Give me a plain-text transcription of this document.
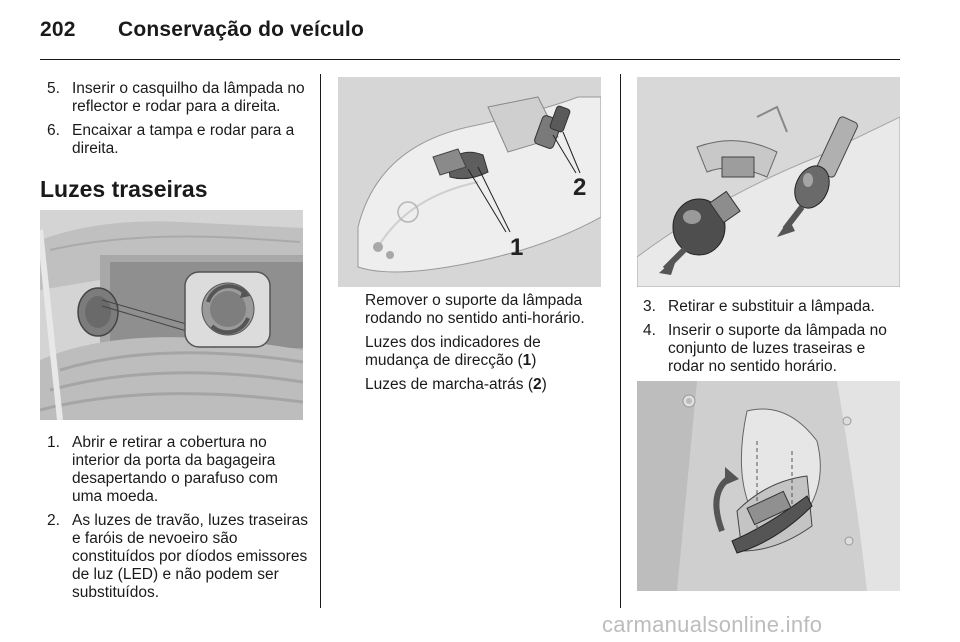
202 Conservação do veículo
5. Inserir o casquilho da lâmpada no reflector e rodar para a direita.
6. Encaixar a tampa e rodar para a direita.
Luzes traseiras
1. Abrir e retirar a cobertura no interior da porta da bagageira desapertando o parafuso com uma moeda.
2. As luzes de travão, luzes traseiras e faróis de nevoeiro são constituídos por díodos emissores de luz (LED) e não podem ser substituídos.
1
2

Remover o suporte da lâmpada rodando no sentido anti-horário.

Luzes dos indicadores de mudança de direcção (1)

Luzes de marcha-atrás (2)

3. Retirar e substituir a lâmpada.
4. Inserir o suporte da lâmpada no conjunto de luzes traseiras e rodar no sentido horário.
carmanualsonline.info
